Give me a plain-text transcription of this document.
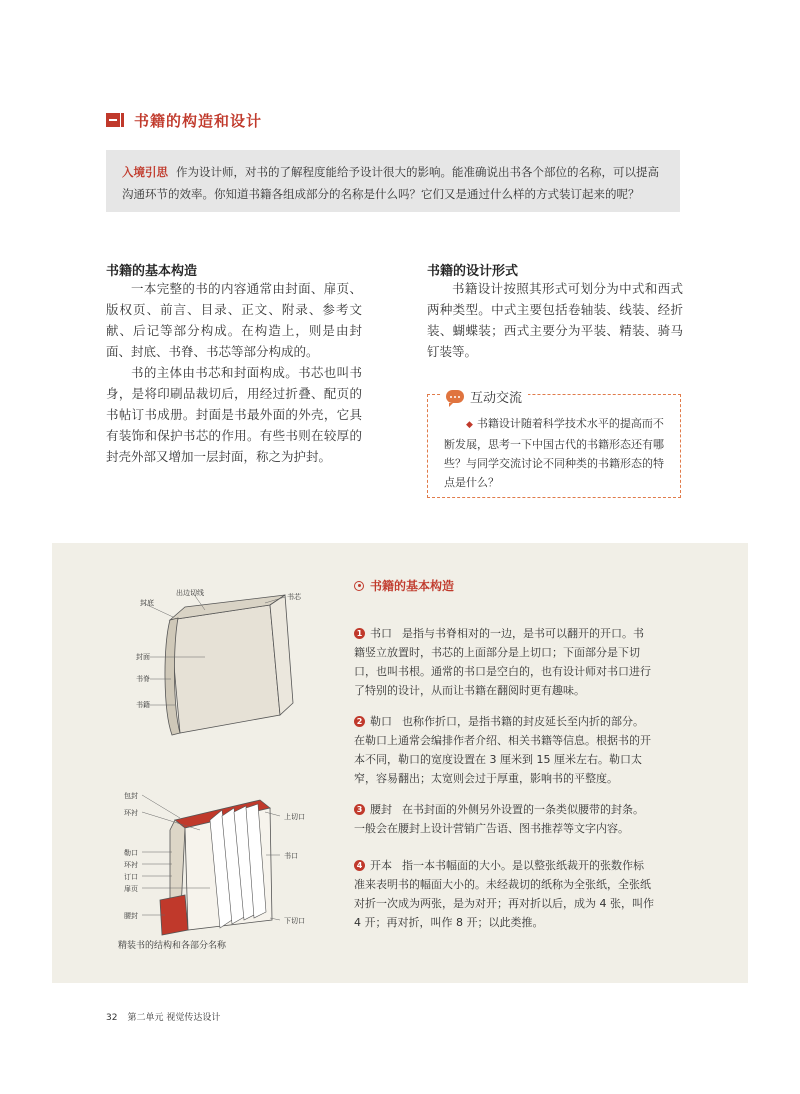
书籍的构造和设计
入境引思 作为设计师，对书的了解程度能给予设计很大的影响。能准确说出书各个部位的名称，可以提高沟通环节的效率。你知道书籍各组成部分的名称是什么吗？它们又是通过什么样的方式装订起来的呢？
书籍的基本构造
一本完整的书的内容通常由封面、扉页、版权页、前言、目录、正文、附录、参考文献、后记等部分构成。在构造上，则是由封面、封底、书脊、书芯等部分构成的。
书的主体由书芯和封面构成。书芯也叫书身，是将印刷品裁切后，用经过折叠、配页的书帖订书成册。封面是书最外面的外壳，它具有装饰和保护书芯的作用。有些书则在较厚的封壳外部又增加一层封面，称之为护封。
书籍的设计形式
书籍设计按照其形式可划分为中式和西式两种类型。中式主要包括卷轴装、线装、经折装、蝴蝶装；西式主要分为平装、精装、骑马钉装等。
互动交流
◆ 书籍设计随着科学技术水平的提高而不断发展，思考一下中国古代的书籍形态还有哪些？与同学交流讨论不同种类的书籍形态的特点是什么？
封底
出边切线	书芯
封面
书脊
书籍
包封
环衬	上切口
勒口
环衬
订口
扉页
书口
腰封
下切口
精装书的结构和各部分名称
书籍的基本构造
1 书口 是指与书脊相对的一边，是书可以翻开的开口。书籍竖立放置时，书芯的上面部分是上切口；下面部分是下切口，也叫书根。通常的书口是空白的，也有设计师对书口进行了特别的设计，从而让书籍在翻阅时更有趣味。
2 勒口 也称作折口，是指书籍的封皮延长至内折的部分。在勒口上通常会编排作者介绍、相关书籍等信息。根据书的开本不同，勒口的宽度设置在 3 厘米到 15 厘米左右。勒口太窄，容易翻出；太宽则会过于厚重，影响书的平整度。
3 腰封 在书封面的外侧另外设置的一条类似腰带的封条。一般会在腰封上设计营销广告语、图书推荐等文字内容。
4 开本 指一本书幅面的大小。是以整张纸裁开的张数作标准来表明书的幅面大小的。未经裁切的纸称为全张纸，全张纸对折一次成为两张，是为对开；再对折以后，成为 4 张，叫作 4 开；再对折，叫作 8 开；以此类推。
32 第二单元 视觉传达设计
